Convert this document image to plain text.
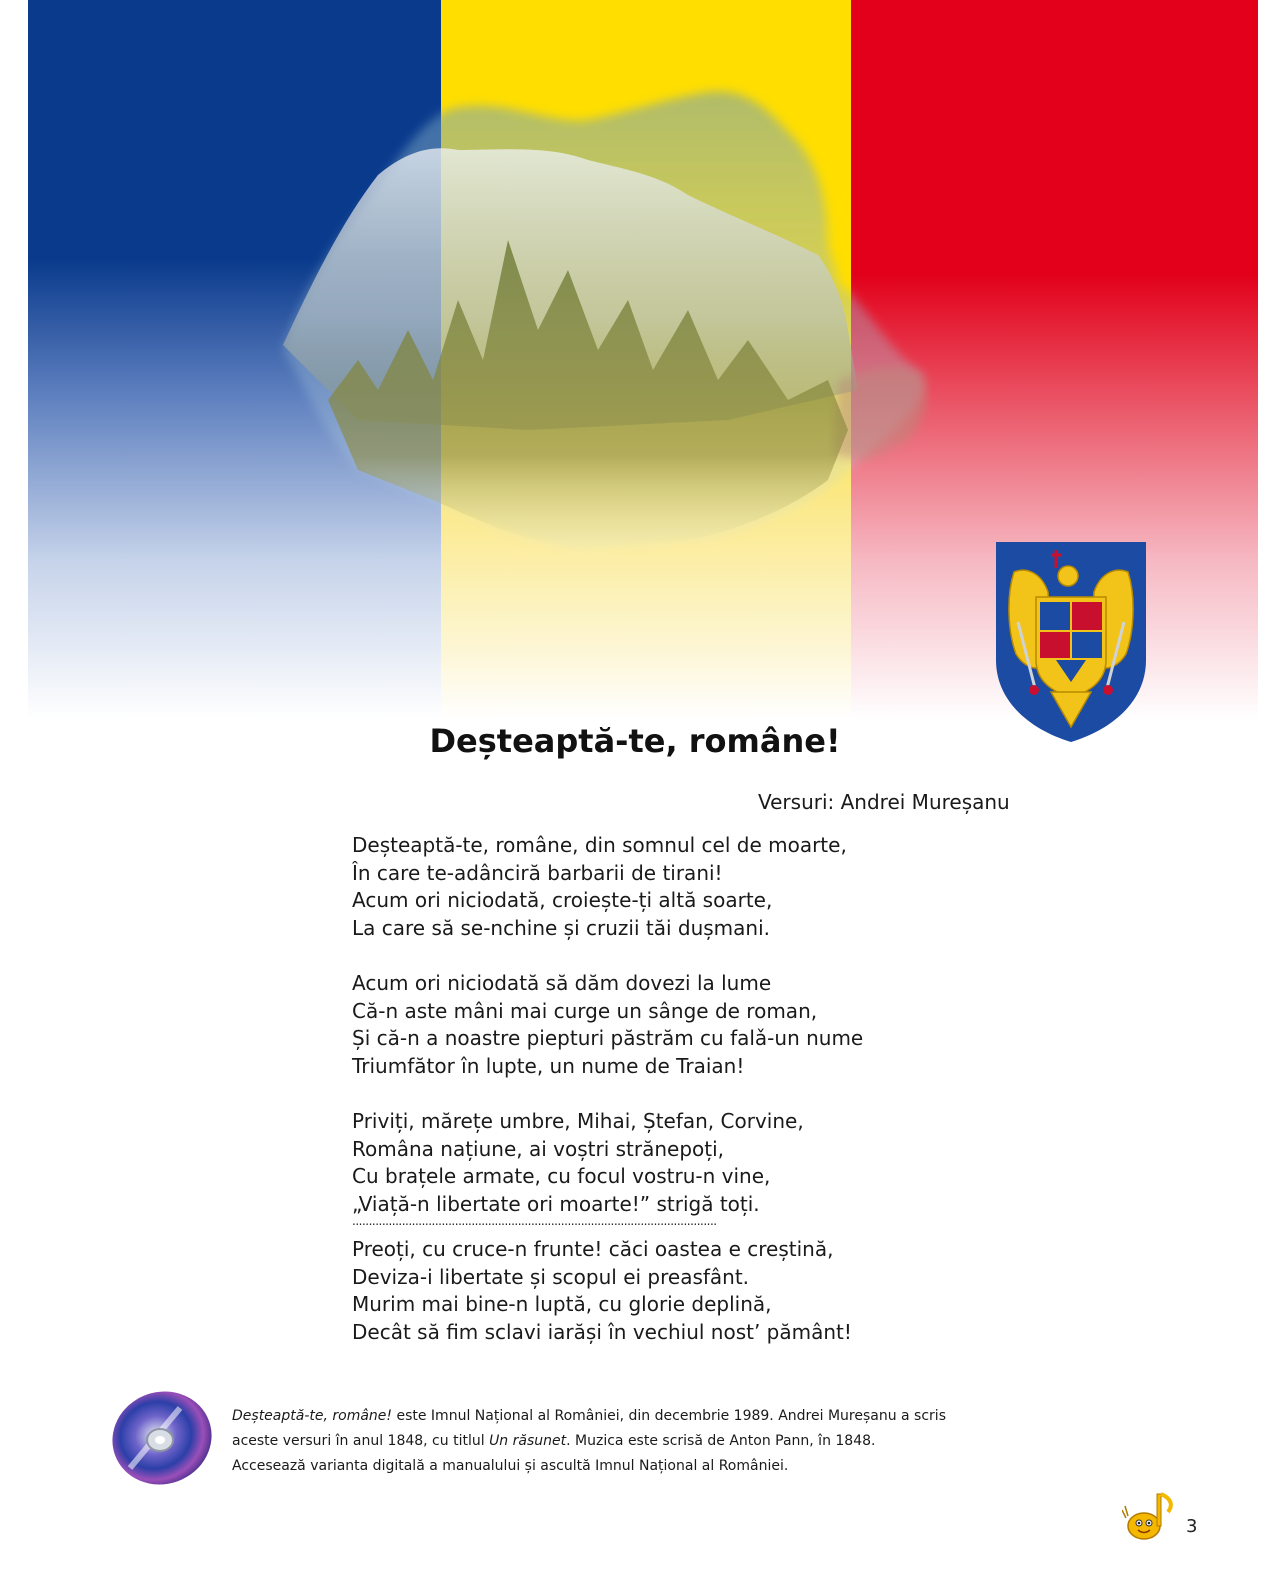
Deșteaptă-te, române!
Versuri: Andrei Mureșanu
Deșteaptă-te, române, din somnul cel de moarte,
În care te-adânciră barbarii de tirani!
Acum ori niciodată, croiește-ți altă soarte,
La care să se-nchine și cruzii tăi dușmani.
Acum ori niciodată să dăm dovezi la lume
Că-n aste mâni mai curge un sânge de roman,
Și că-n a noastre piepturi păstrăm cu falǎ-un nume
Triumfător în lupte, un nume de Traian!
Priviți, mărețe umbre, Mihai, Ștefan, Corvine,
Româna națiune, ai voștri strănepoți,
Cu brațele armate, cu focul vostru-n vine,
„Viață-n libertate ori moarte!” strigă toți.
..............................................................................................................
Preoți, cu cruce-n frunte! căci oastea e creștină,
Deviza-i libertate și scopul ei preasfânt.
Murim mai bine-n luptă, cu glorie deplină,
Decât să fim sclavi iarăși în vechiul nost’ pământ!
Deșteaptă-te, române! este Imnul Național al României, din decembrie 1989. Andrei Mureșanu a scris
aceste versuri în anul 1848, cu titlul Un răsunet. Muzica este scrisă de Anton Pann, în 1848.
Accesează varianta digitală a manualului și ascultă Imnul Național al României.
3
